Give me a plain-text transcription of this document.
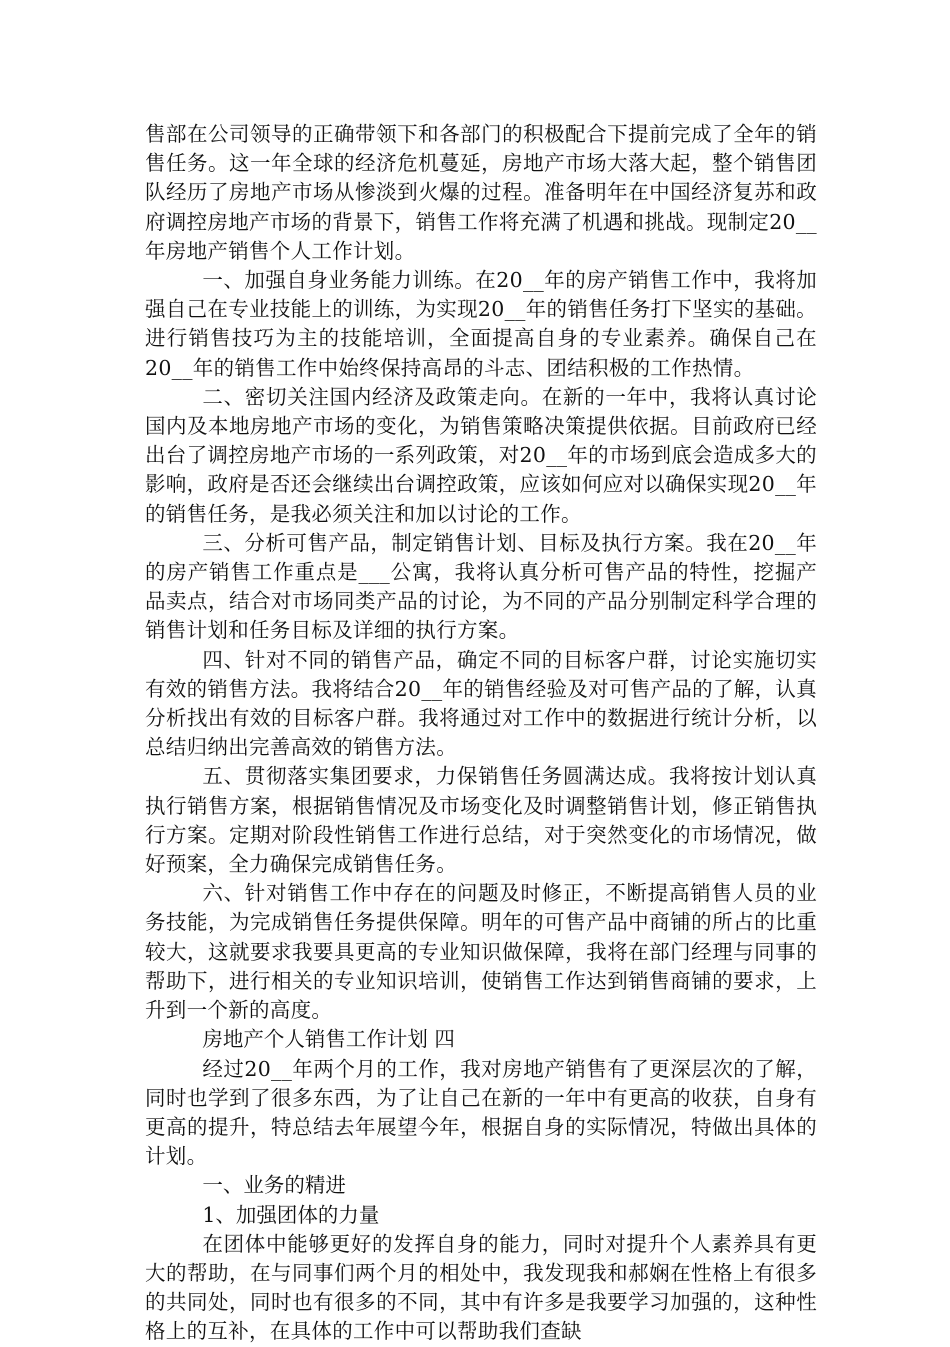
售部在公司领导的正确带领下和各部门的积极配合下提前完成了全年的销售任务。这一年全球的经济危机蔓延，房地产市场大落大起，整个销售团队经历了房地产市场从惨淡到火爆的过程。准备明年在中国经济复苏和政府调控房地产市场的背景下，销售工作将充满了机遇和挑战。现制定20__年房地产销售个人工作计划。

一、加强自身业务能力训练。在20__年的房产销售工作中，我将加强自己在专业技能上的训练，为实现20__年的销售任务打下坚实的基础。进行销售技巧为主的技能培训，全面提高自身的专业素养。确保自己在20__年的销售工作中始终保持高昂的斗志、团结积极的工作热情。

二、密切关注国内经济及政策走向。在新的一年中，我将认真讨论国内及本地房地产市场的变化，为销售策略决策提供依据。目前政府已经出台了调控房地产市场的一系列政策，对20__年的市场到底会造成多大的影响，政府是否还会继续出台调控政策，应该如何应对以确保实现20__年的销售任务，是我必须关注和加以讨论的工作。

三、分析可售产品，制定销售计划、目标及执行方案。我在20__年的房产销售工作重点是___公寓，我将认真分析可售产品的特性，挖掘产品卖点，结合对市场同类产品的讨论，为不同的产品分别制定科学合理的销售计划和任务目标及详细的执行方案。

四、针对不同的销售产品，确定不同的目标客户群，讨论实施切实有效的销售方法。我将结合20__年的销售经验及对可售产品的了解，认真分析找出有效的目标客户群。我将通过对工作中的数据进行统计分析，以总结归纳出完善高效的销售方法。

五、贯彻落实集团要求，力保销售任务圆满达成。我将按计划认真执行销售方案，根据销售情况及市场变化及时调整销售计划，修正销售执行方案。定期对阶段性销售工作进行总结，对于突然变化的市场情况，做好预案，全力确保完成销售任务。

六、针对销售工作中存在的问题及时修正，不断提高销售人员的业务技能，为完成销售任务提供保障。明年的可售产品中商铺的所占的比重较大，这就要求我要具更高的专业知识做保障，我将在部门经理与同事的帮助下，进行相关的专业知识培训，使销售工作达到销售商铺的要求，上升到一个新的高度。

房地产个人销售工作计划 四

经过20__年两个月的工作，我对房地产销售有了更深层次的了解，同时也学到了很多东西，为了让自己在新的一年中有更高的收获，自身有更高的提升，特总结去年展望今年，根据自身的实际情况，特做出具体的计划。

一、业务的精进

1、加强团体的力量

在团体中能够更好的发挥自身的能力，同时对提升个人素养具有更大的帮助，在与同事们两个月的相处中，我发现我和郝娴在性格上有很多的共同处，同时也有很多的不同，其中有许多是我要学习加强的，这种性格上的互补，在具体的工作中可以帮助我们查缺
